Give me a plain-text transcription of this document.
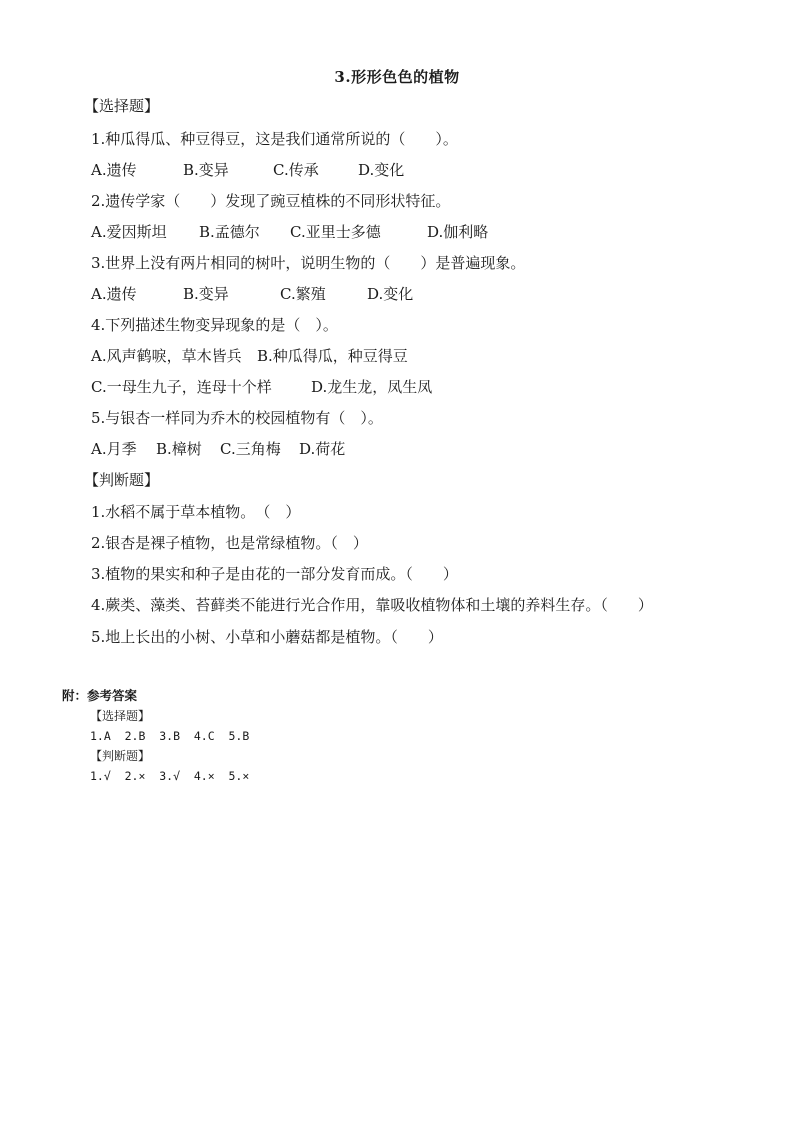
3.形形色色的植物
【选择题】
1.种瓜得瓜、种豆得豆，这是我们通常所说的（　　）。
A.遗传	B.变异	C.传承	D.变化
2.遗传学家（　　）发现了豌豆植株的不同形状特征。
A.爱因斯坦 B.孟德尔 C.亚里士多德	D.伽利略
3.世界上没有两片相同的树叶，说明生物的（　　）是普遍现象。
A.遗传	B.变异	C.繁殖	D.变化
4.下列描述生物变异现象的是（　）。
A.风声鹤唳，草木皆兵 B.种瓜得瓜，种豆得豆
C.一母生九子，连母十个样	D.龙生龙，凤生凤
5.与银杏一样同为乔木的校园植物有（　）。
A.月季 B.樟树 C.三角梅 D.荷花
【判断题】
1.水稻不属于草本植物。　（　）
2.银杏是裸子植物，也是常绿植物。（　）
3.植物的果实和种子是由花的一部分发育而成。（　　）
4.蕨类、藻类、苔藓类不能进行光合作用，靠吸收植物体和土壤的养料生存。（　　）
5.地上长出的小树、小草和小蘑菇都是植物。（　　）
附：参考答案
【选择题】
1.A  2.B  3.B  4.C  5.B
【判断题】
1.√  2.×  3.√  4.×  5.×
